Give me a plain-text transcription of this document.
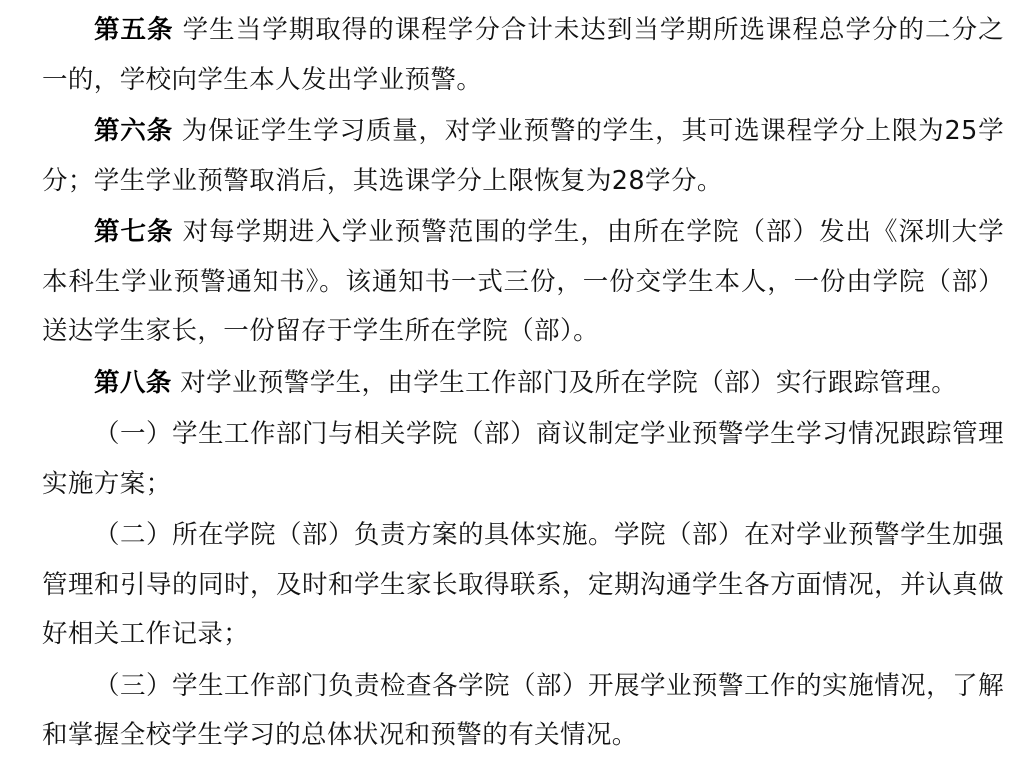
第五条 学生当学期取得的课程学分合计未达到当学期所选课程总学分的二分之一的，学校向学生本人发出学业预警。

第六条 为保证学生学习质量，对学业预警的学生，其可选课程学分上限为25学分；学生学业预警取消后，其选课学分上限恢复为28学分。

第七条 对每学期进入学业预警范围的学生，由所在学院（部）发出《深圳大学本科生学业预警通知书》。该通知书一式三份，一份交学生本人，一份由学院（部）送达学生家长，一份留存于学生所在学院（部）。

第八条 对学业预警学生，由学生工作部门及所在学院（部）实行跟踪管理。

（一）学生工作部门与相关学院（部）商议制定学业预警学生学习情况跟踪管理实施方案；

（二）所在学院（部）负责方案的具体实施。学院（部）在对学业预警学生加强管理和引导的同时，及时和学生家长取得联系，定期沟通学生各方面情况，并认真做好相关工作记录；

（三）学生工作部门负责检查各学院（部）开展学业预警工作的实施情况，了解和掌握全校学生学习的总体状况和预警的有关情况。
